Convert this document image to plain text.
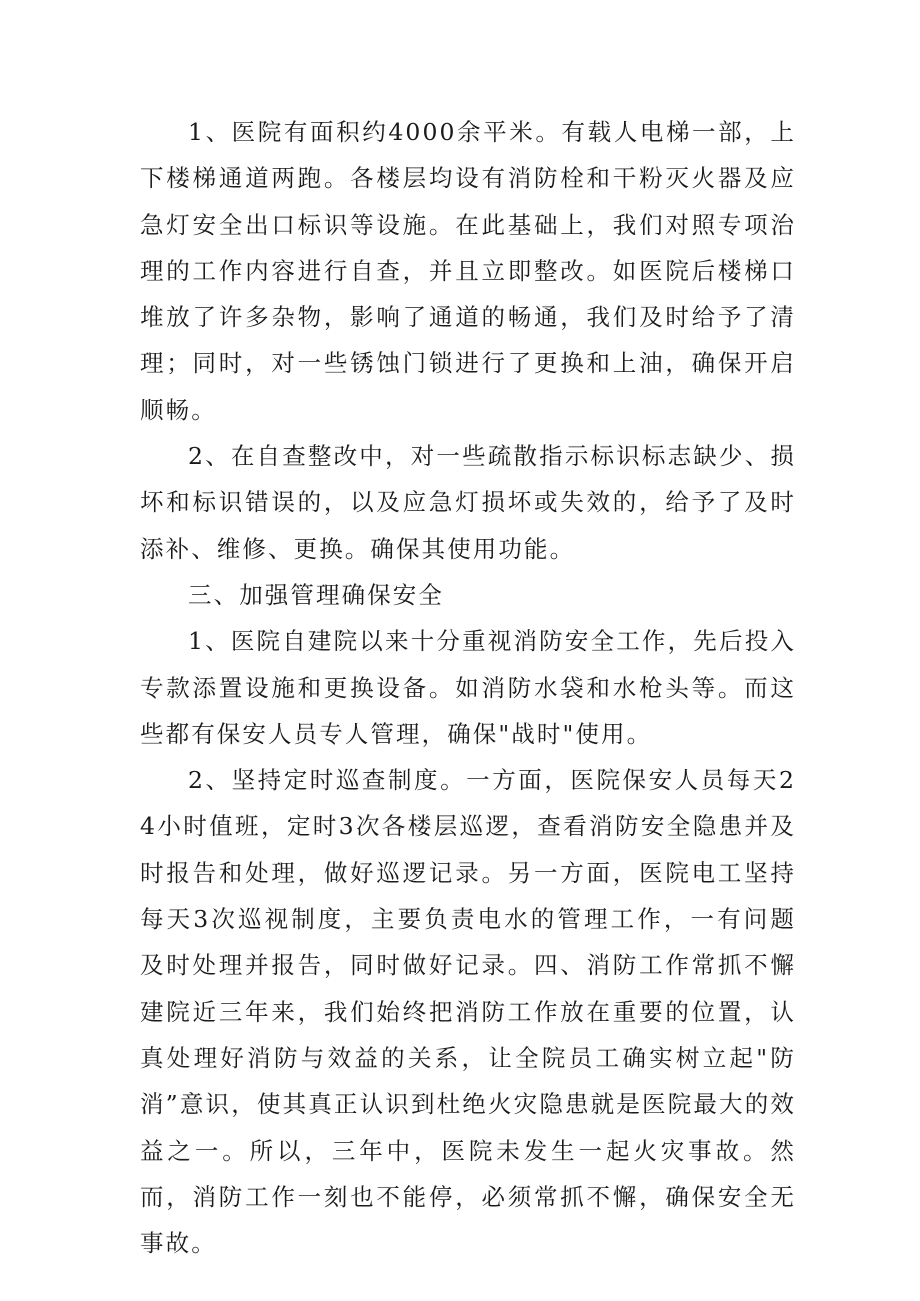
1、医院有面积约4000余平米。有载人电梯一部，上下楼梯通道两跑。各楼层均设有消防栓和干粉灭火器及应急灯安全出口标识等设施。在此基础上，我们对照专项治理的工作内容进行自查，并且立即整改。如医院后楼梯口堆放了许多杂物，影响了通道的畅通，我们及时给予了清理；同时，对一些锈蚀门锁进行了更换和上油，确保开启顺畅。

2、在自查整改中，对一些疏散指示标识标志缺少、损坏和标识错误的，以及应急灯损坏或失效的，给予了及时添补、维修、更换。确保其使用功能。

三、加强管理确保安全

1、医院自建院以来十分重视消防安全工作，先后投入专款添置设施和更换设备。如消防水袋和水枪头等。而这些都有保安人员专人管理，确保"战时"使用。

2、坚持定时巡查制度。一方面，医院保安人员每天24小时值班，定时3次各楼层巡逻，查看消防安全隐患并及时报告和处理，做好巡逻记录。另一方面，医院电工坚持每天3次巡视制度，主要负责电水的管理工作，一有问题及时处理并报告，同时做好记录。四、消防工作常抓不懈建院近三年来，我们始终把消防工作放在重要的位置，认真处理好消防与效益的关系，让全院员工确实树立起"防消”意识，使其真正认识到杜绝火灾隐患就是医院最大的效益之一。所以，三年中，医院未发生一起火灾事故。然而，消防工作一刻也不能停，必须常抓不懈，确保安全无事故。
